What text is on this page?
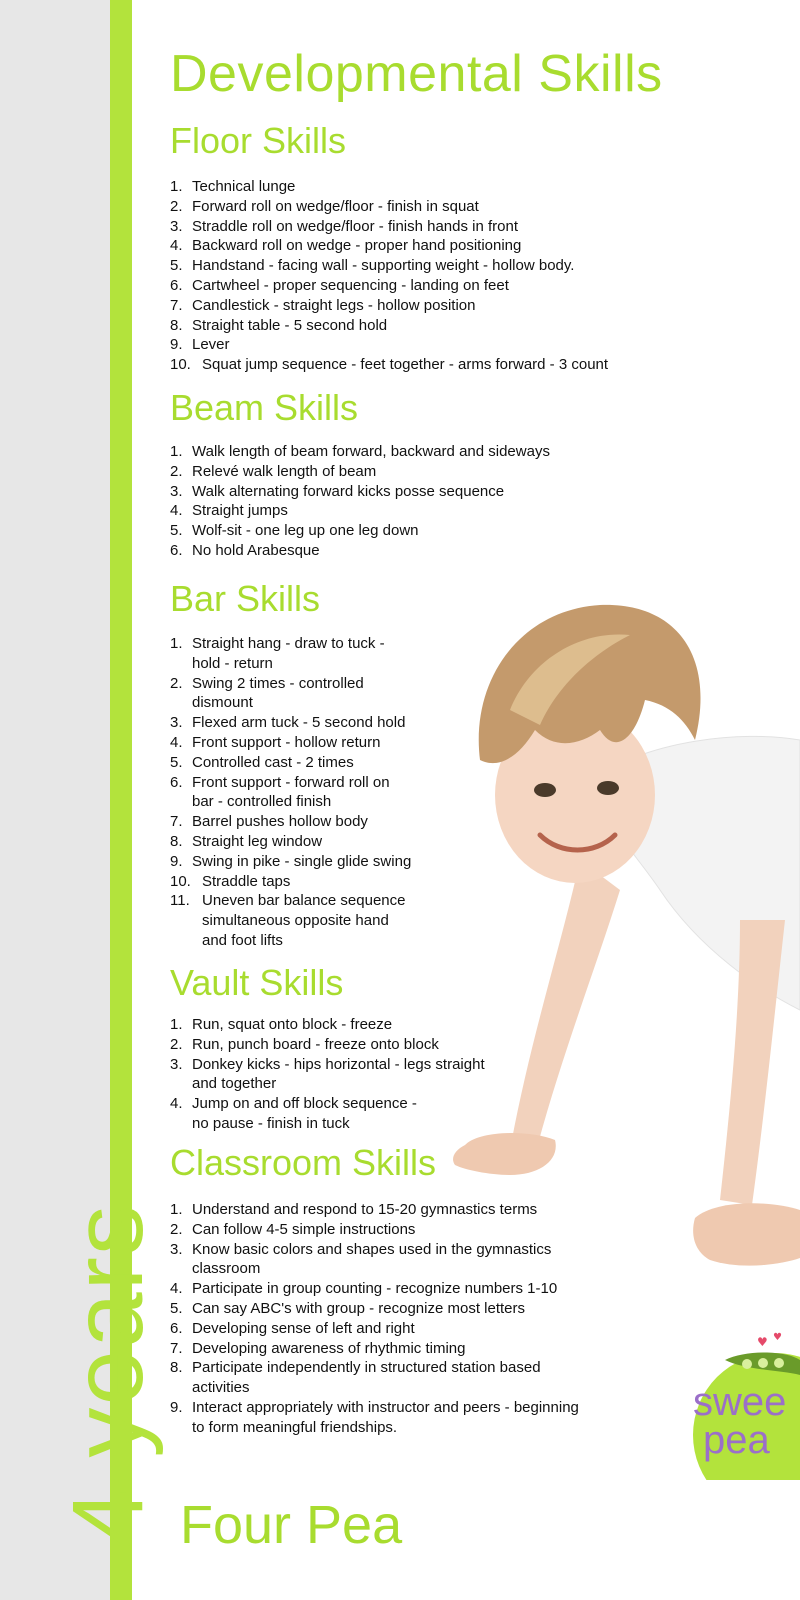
4 years
Developmental Skills
Floor Skills
1. Technical lunge
2. Forward roll on wedge/floor - finish in squat
3. Straddle roll on wedge/floor - finish hands in front
4. Backward roll on wedge - proper hand positioning
5. Handstand - facing wall - supporting weight - hollow body.
6. Cartwheel - proper sequencing - landing on feet
7. Candlestick - straight legs - hollow position
8. Straight table - 5 second hold
9. Lever
10. Squat jump sequence - feet together - arms forward - 3 count
Beam Skills
1. Walk length of beam forward, backward and sideways
2. Relevé walk length of beam
3. Walk alternating forward kicks posse sequence
4. Straight jumps
5. Wolf-sit - one leg up one leg down
6. No hold Arabesque
Bar Skills
1. Straight hang - draw to tuck -
hold - return
2. Swing 2 times - controlled
dismount
3. Flexed arm tuck - 5 second hold
4. Front support - hollow return
5. Controlled cast - 2 times
6. Front support - forward roll on
bar - controlled finish
7. Barrel pushes hollow body
8. Straight leg window
9. Swing in pike - single glide swing
10. Straddle taps
11. Uneven bar balance sequence
simultaneous opposite hand
and foot lifts
Vault Skills
1. Run, squat onto block - freeze
2. Run, punch board - freeze onto block
3. Donkey kicks - hips horizontal - legs straight
and together
4. Jump on and off block sequence -
no pause - finish in tuck
Classroom Skills
1. Understand and respond to 15-20 gymnastics terms
2. Can follow 4-5 simple instructions
3. Know basic colors and shapes used in the gymnastics
classroom
4. Participate in group counting - recognize numbers 1-10
5. Can say ABC's with group - recognize most letters
6. Developing sense of left and right
7. Developing awareness of rhythmic timing
8. Participate independently in structured station based
activities
9. Interact appropriately with instructor and peers - beginning
to form meaningful friendships.
Four Pea
♥ ♥
swee
pea
